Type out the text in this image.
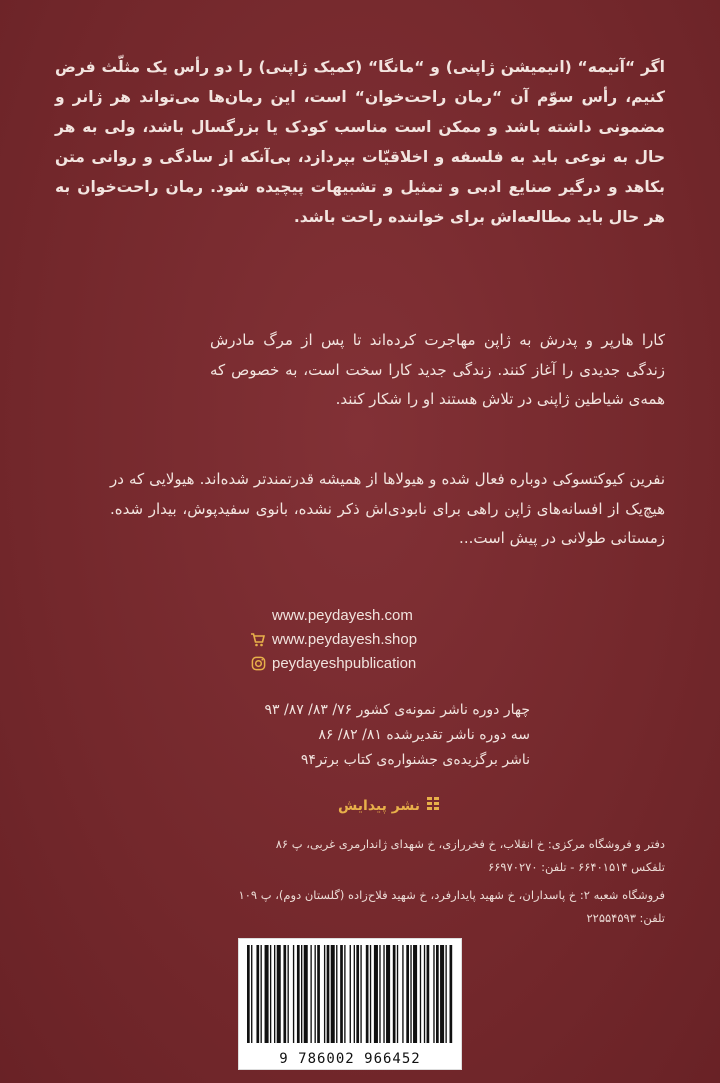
اگر “آنیمه“ (انیمیشن ژاپنی) و “مانگا“ (کمیک ژاپنی) را دو رأس یک مثلّث فرض کنیم، رأس سوّم آن “رمان راحت‌خوان“ است، این رمان‌ها می‌تواند هر ژانر و مضمونی داشته باشد و ممکن است مناسب کودک یا بزرگسال باشد، ولی به هر حال به نوعی باید به فلسفه و اخلاقیّات بپردازد، بی‌آنکه از سادگی و روانی متن بکاهد و درگیر صنایع ادبی و تمثیل و تشبیهات پیچیده شود. رمان راحت‌خوان به هر حال باید مطالعه‌اش برای خواننده راحت باشد.
کارا هارپر و پدرش به ژاپن مهاجرت کرده‌اند تا پس از مرگ مادرش زندگی جدیدی را آغاز کنند. زندگی جدید کارا سخت است، به خصوص که همه‌ی شیاطین ژاپنی در تلاش هستند او را شکار کنند.
نفرین کیوکتسوکی دوباره فعال شده و هیولاها از همیشه قدرتمندتر شده‌اند. هیولایی که در هیچ‌یک از افسانه‌های ژاپن راهی برای نابودی‌اش ذکر نشده، بانوی سفیدپوش، بیدار شده. زمستانی طولانی در پیش است...
www.peydayesh.com
www.peydayesh.shop
peydayeshpublication
چهار دوره ناشر نمونه‌ی کشور ۷۶/ ۸۳/ ۸۷/ ۹۳
سه دوره ناشر تقدیرشده ۸۱/ ۸۲/ ۸۶
ناشر برگزیده‌ی جشنواره‌ی کتاب برتر۹۴
نشر پیدایش
دفتر و فروشگاه مرکزی: خ انقلاب، خ فخررازی، خ شهدای ژاندارمری غربی، پ ۸۶
تلفکس ۶۶۴۰۱۵۱۴ - تلفن: ۶۶۹۷۰۲۷۰
فروشگاه شعبه ۲: خ پاسداران، خ شهید پایدارفرد، خ شهید فلاح‌زاده (گلستان دوم)، پ ۱۰۹
تلفن: ۲۲۵۵۴۵۹۳
9 786002 966452
